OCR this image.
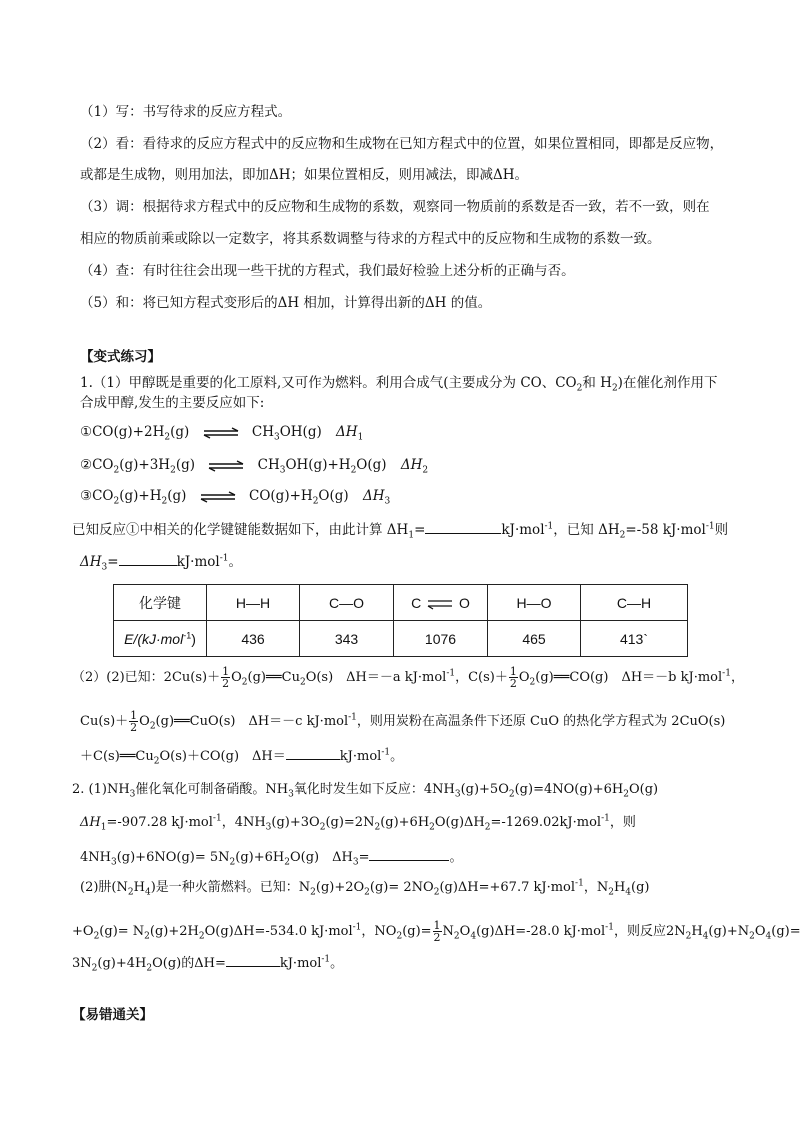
（1）写：书写待求的反应方程式。
（2）看：看待求的反应方程式中的反应物和生成物在已知方程式中的位置，如果位置相同，即都是反应物，
或都是生成物，则用加法，即加ΔH；如果位置相反，则用减法，即减ΔH。
（3）调：根据待求方程式中的反应物和生成物的系数，观察同一物质前的系数是否一致，若不一致，则在
相应的物质前乘或除以一定数字，将其系数调整与待求的方程式中的反应物和生成物的系数一致。
（4）查：有时往往会出现一些干扰的方程式，我们最好检验上述分析的正确与否。
（5）和：将已知方程式变形后的ΔH 相加，计算得出新的ΔH 的值。
【变式练习】
1.（1）甲醇既是重要的化工原料,又可作为燃料。利用合成气(主要成分为 CO、$CO_2$和 $H_2$)在催化剂作用下
合成甲醇,发生的主要反应如下:
$①CO(g)+2H_2(g)$ ⇌ $CH_3OH(g)$ $\Delta H_1$
$②CO_2(g)+3H_2(g)$ ⇌ $CH_3OH(g)+H_2O(g)$ $\Delta H_2$
$③CO_2(g)+H_2(g)$ ⇌ $CO(g)+H_2O(g)$ $\Delta H_3$
已知反应①中相关的化学键键能数据如下，由此计算 $\Delta H_1=$	kJ·mol$^{-1}$，已知 $\Delta H_2=-58$ kJ·mol$^{-1}$则
$\Delta H_3=$	kJ·mol$^{-1}$。
化学键	H—H	C—O	C O	H—O	C—H
E/(kJ·mol$^{-1}$)	436	343	1076	465	413`
（2）(2)已知：$2Cu(s)+ \frac{1}{2}$ $O_2(g)══Cu_2O(s)$　ΔH＝－a kJ·mol$^{-1}$，$C(s)+ \frac{1}{2}$ $O_2(g)══CO(g)$　ΔH＝－b kJ·mol$^{-1}$，
$Cu(s)+ \frac{1}{2}$ $O_2(g)══CuO(s)$　ΔH＝－c kJ·mol$^{-1}$，则用炭粉在高温条件下还原 CuO 的热化学方程式为 2CuO(s)
$+C(s)══Cu_2O(s)+CO(g)$　ΔH＝	kJ·mol$^{-1}$。
2. $(1)NH_3$催化氧化可制备硝酸。$NH_3$氧化时发生如下反应：$4NH_3(g)+5O_2(g)=4NO(g)+6H_2O(g)$
$\Delta H_1=-907.28$ kJ·mol$^{-1}$，$4NH_3(g)+3O_2(g)=2N_2(g)+6H_2O(g)\Delta H_2=-1269.02kJ\cdot mol^{-1}$，则
$4NH_3(g)+6NO(g)= 5N_2(g)+6H_2O(g)$　$\Delta H_3=$	。
(2)肼$(N_2H_4)$是一种火箭燃料。已知：$N_2(g)+2O_2(g)= 2NO_2(g)\Delta H=+67.7$ kJ·mol$^{-1}$，$N_2H_4(g)$
$+O_2(g)= N_2(g)+2H_2O(g)\Delta H=-534.0$ kJ·mol$^{-1}$，$NO_2(g)= \frac{1}{2} N_2O_4(g)\Delta H=-28.0$ kJ·mol$^{-1}$，则反应$2N_2H_4(g)+N_2O_4(g)=$
$3N_2(g)+4H_2O(g)$的ΔH=	kJ·mol$^{-1}$。
【易错通关】
